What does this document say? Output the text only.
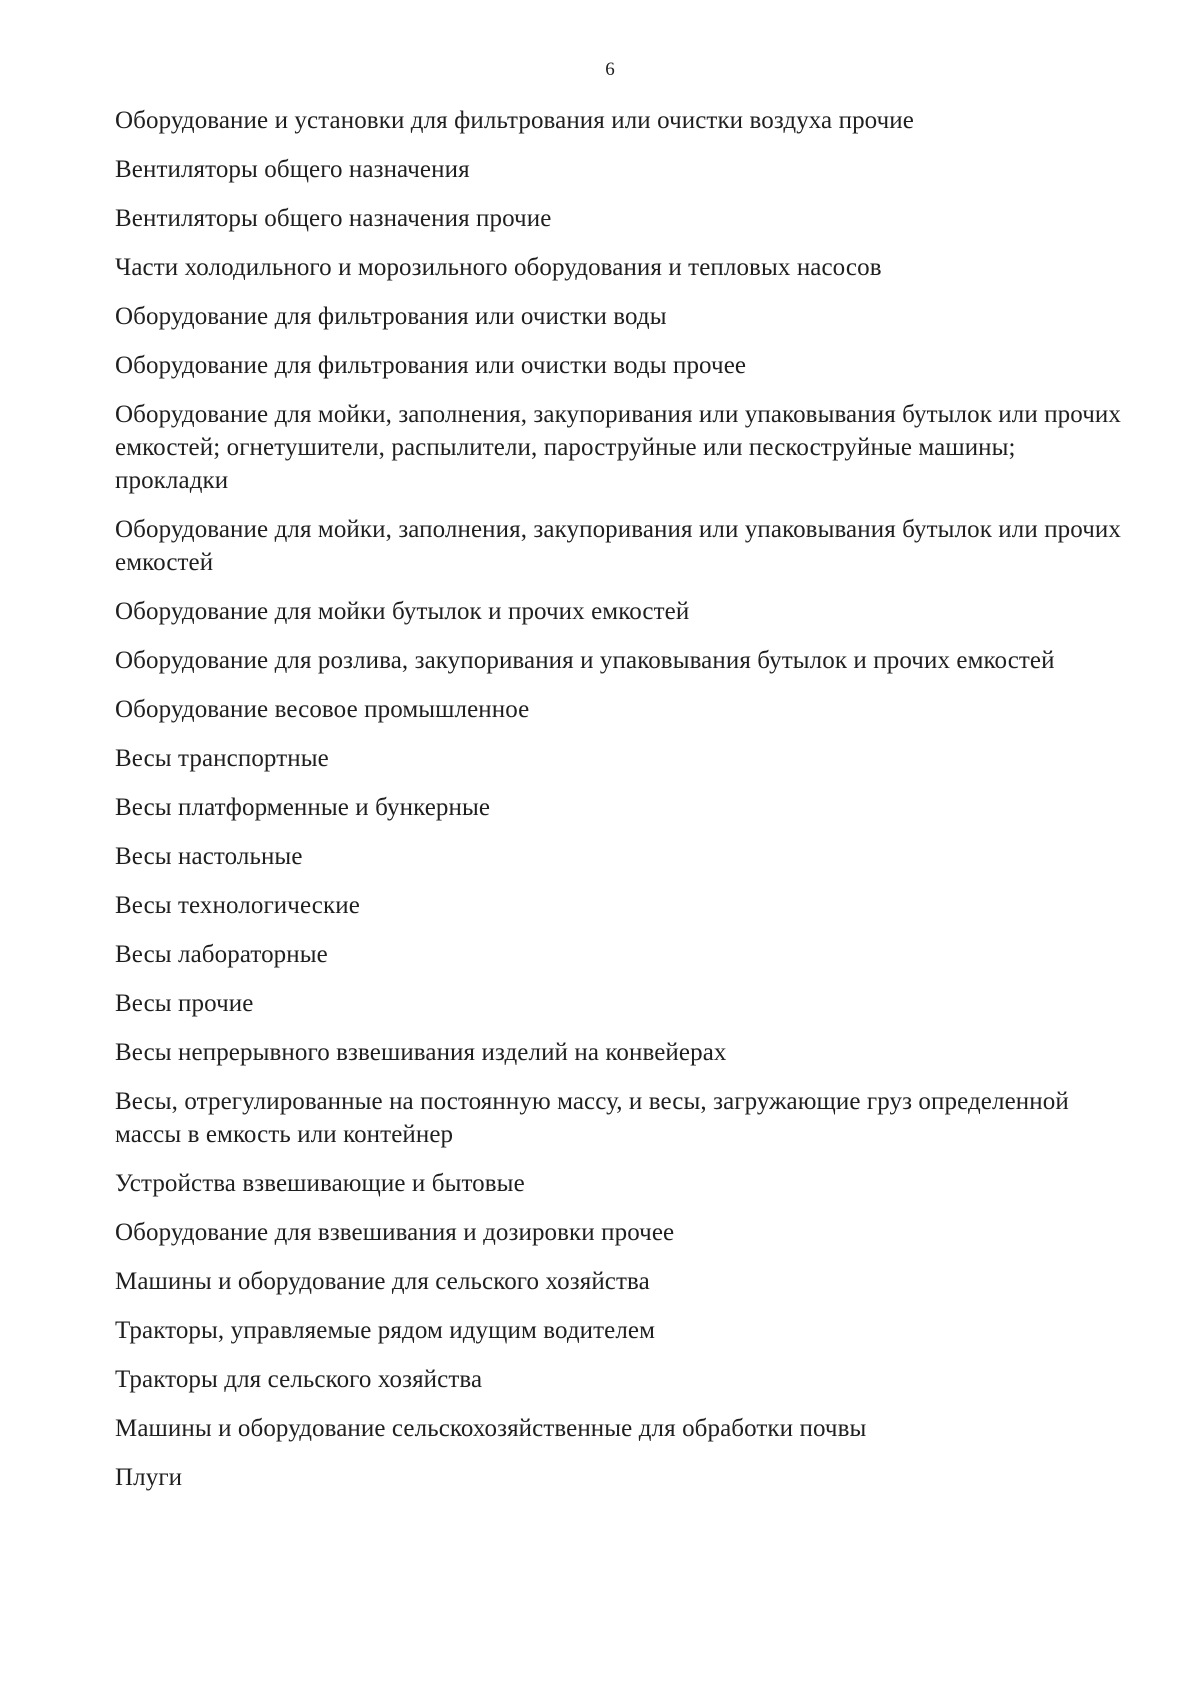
6
Оборудование и установки для фильтрования или очистки воздуха прочие
Вентиляторы общего назначения
Вентиляторы общего назначения прочие
Части холодильного и морозильного оборудования и тепловых насосов
Оборудование для фильтрования или очистки воды
Оборудование для фильтрования или очистки воды прочее
Оборудование для мойки, заполнения, закупоривания или упаковывания бутылок или прочих емкостей; огнетушители, распылители, пароструйные или пескоструйные машины; прокладки
Оборудование для мойки, заполнения, закупоривания или упаковывания бутылок или прочих емкостей
Оборудование для мойки бутылок и прочих емкостей
Оборудование для розлива, закупоривания и упаковывания бутылок и прочих емкостей
Оборудование весовое промышленное
Весы транспортные
Весы платформенные и бункерные
Весы настольные
Весы технологические
Весы лабораторные
Весы прочие
Весы непрерывного взвешивания изделий на конвейерах
Весы, отрегулированные на постоянную массу, и весы, загружающие груз определенной массы в емкость или контейнер
Устройства взвешивающие и бытовые
Оборудование для взвешивания и дозировки прочее
Машины и оборудование для сельского хозяйства
Тракторы, управляемые рядом идущим водителем
Тракторы для сельского хозяйства
Машины и оборудование сельскохозяйственные для обработки почвы
Плуги
